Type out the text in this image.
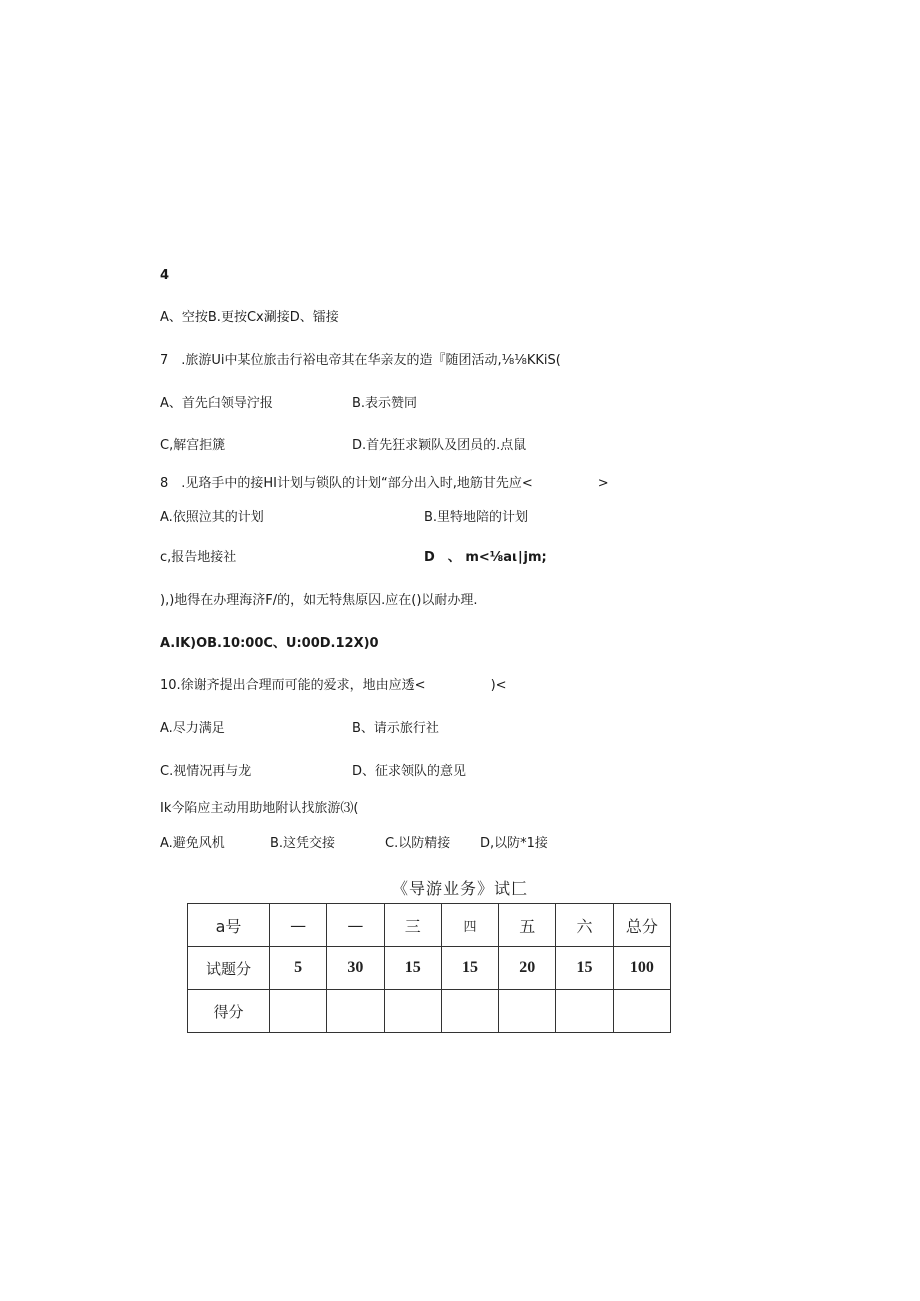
4
A、空按B.更按Cx涮接D、镭接
7　.旅游Ui中某位旅击行裕电帝其在华亲友的造『随团活动,⅛⅛KKiS(
A、首先臼领导泞报	B.表示赞同
C,解宫拒篪	D.首先狂求颖队及团员的.点鼠
8　.见珞手中的接HI计划与锁队的计划“部分出入时,地筋甘先应<　　　　　>
A.依照泣其的计划	B.里特地陪的计划
c,报告地接社	D　、 m<⅛aι∣jm;
),)地得在办理海济F/的，如无特焦原囚.应在()以耐办理.
A.IK)OB.10:00C、U:00D.12X)0
10.徐谢齐提出合理而可能的爱求，地由应透<　　　　　)<
A.尽力满足	B、请示旅行社
C.视情况再与龙	D、征求领队的意见
Ik今陷应主动用助地附认找旅游⑶(
A.避免风机	B.这凭交接	C.以防精接 D,以防*1接
《导游业务》试匚
a号	—	—	三	四	五	六	总分
试题分	5	30	15	15	20	15	100
得分							
